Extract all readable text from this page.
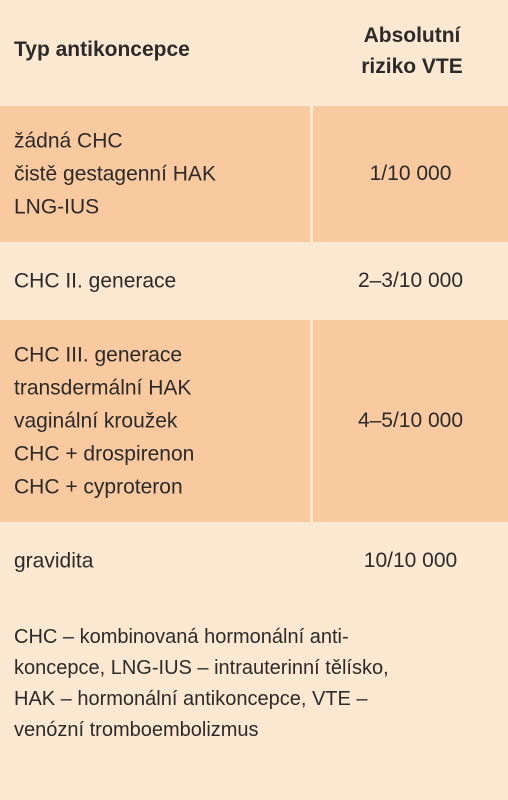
Typ antikoncepce
Absolutní
riziko VTE
žádná CHC
čistě gestagenní HAK
LNG-IUS
1/10 000
CHC II. generace	2–3/10 000
CHC III. generace
transdermální HAK
vaginální kroužek
CHC + drospirenon
CHC + cyproteron
4–5/10 000
gravidita	10/10 000
CHC – kombinovaná hormonální anti-
koncepce, LNG-IUS – intrauterinní tělísko,
HAK – hormonální antikoncepce, VTE –
venózní tromboembolizmus
